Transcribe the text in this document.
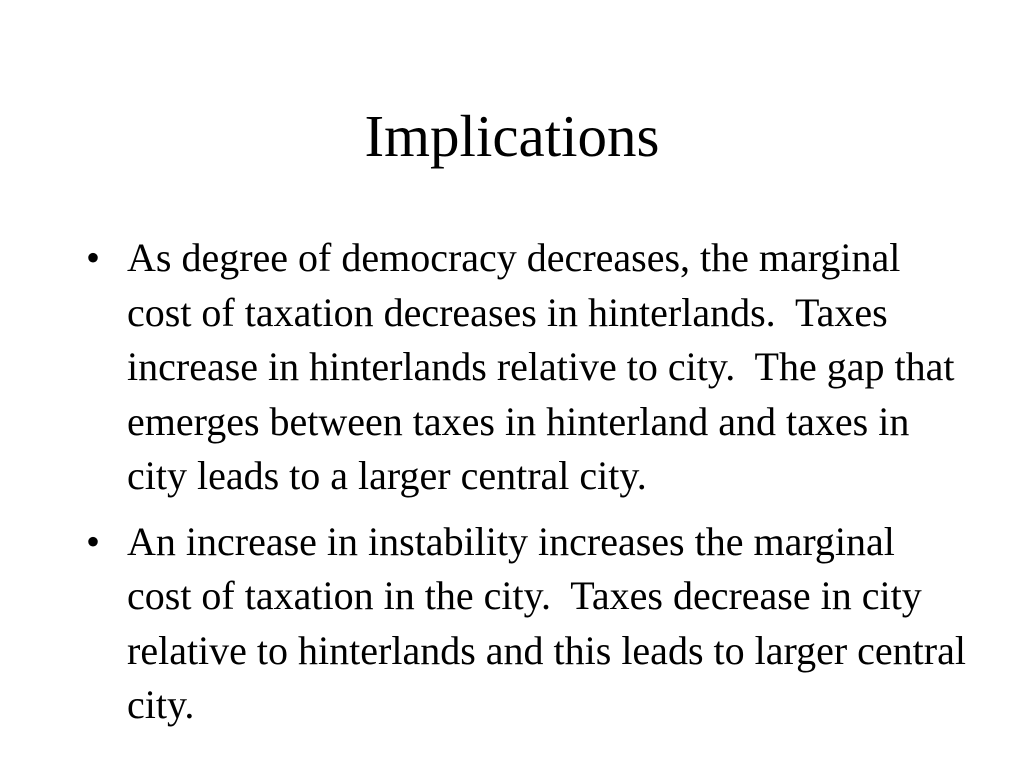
Implications
• As degree of democracy decreases, the marginal cost of taxation decreases in hinterlands.  Taxes increase in hinterlands relative to city.  The gap that emerges between taxes in hinterland and taxes in city leads to a larger central city.
• An increase in instability increases the marginal cost of taxation in the city.  Taxes decrease in city relative to hinterlands and this leads to larger central city.
